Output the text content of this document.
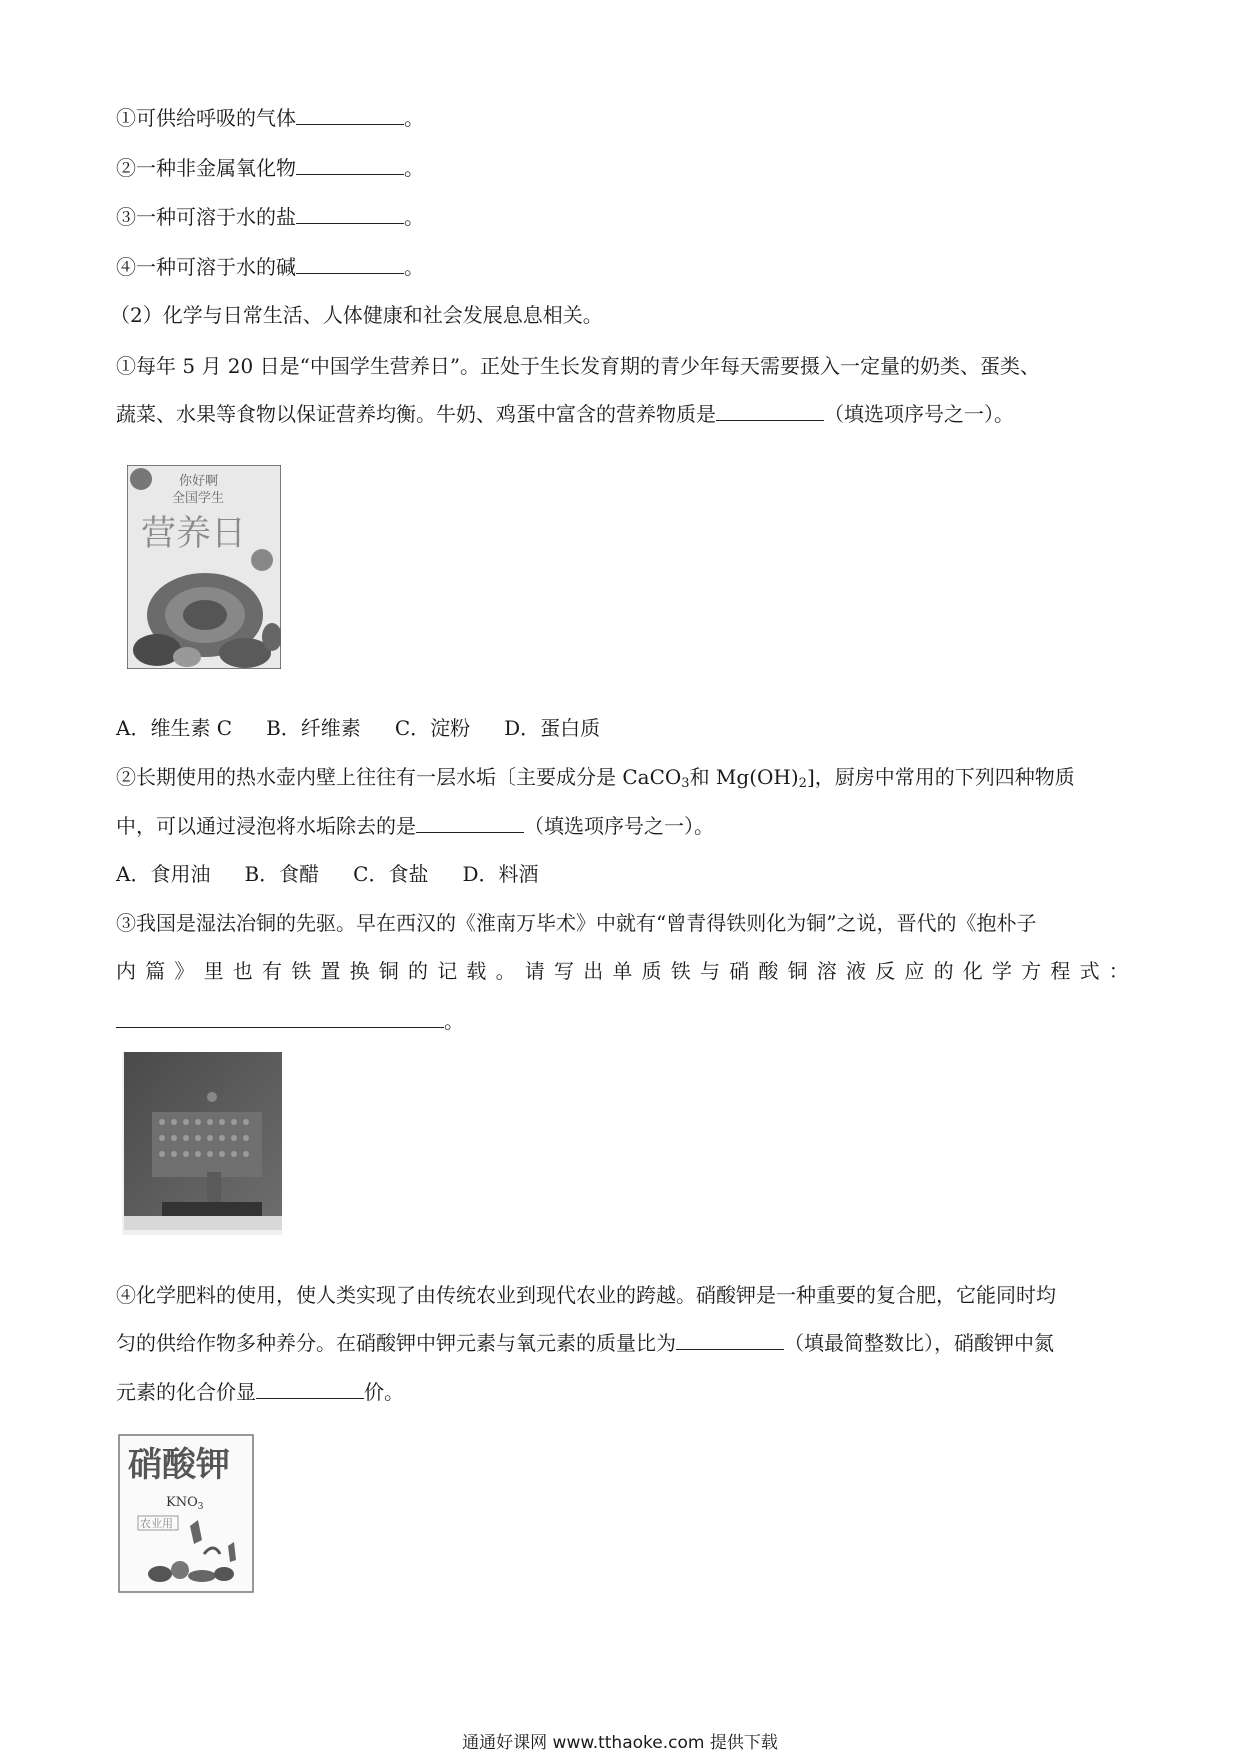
①可供给呼吸的气体	。
②一种非金属氧化物	。
③一种可溶于水的盐	。
④一种可溶于水的碱	。
（2）化学与日常生活、人体健康和社会发展息息相关。
①每年 5 月 20 日是“中国学生营养日”。正处于生长发育期的青少年每天需要摄入一定量的奶类、蛋类、
蔬菜、水果等食物以保证营养均衡。牛奶、鸡蛋中富含的营养物质是	（填选项序号之一）。
你好啊
全国学生
营养日
A．维生素 C B．纤维素 C．淀粉 D．蛋白质
②长期使用的热水壶内壁上往往有一层水垢〔主要成分是 CaCO$_3$和 $Mg(OH)_2$]，厨房中常用的下列四种物质
中，可以通过浸泡将水垢除去的是	（填选项序号之一）。
A．食用油 B．食醋 C．食盐 D．料酒
③我国是湿法冶铜的先驱。早在西汉的《淮南万毕术》中就有“曾青得铁则化为铜”之说，晋代的《抱朴子
内篇》里也有铁置换铜的记载。请写出单质铁与硝酸铜溶液反应的化学方程式：
。
④化学肥料的使用，使人类实现了由传统农业到现代农业的跨越。硝酸钾是一种重要的复合肥，它能同时均
匀的供给作物多种养分。在硝酸钾中钾元素与氧元素的质量比为	（填最简整数比），硝酸钾中氮
元素的化合价显	价。
硝酸钾
$KNO_3$
农业用
通通好课网 www.tthaoke.com 提供下载
